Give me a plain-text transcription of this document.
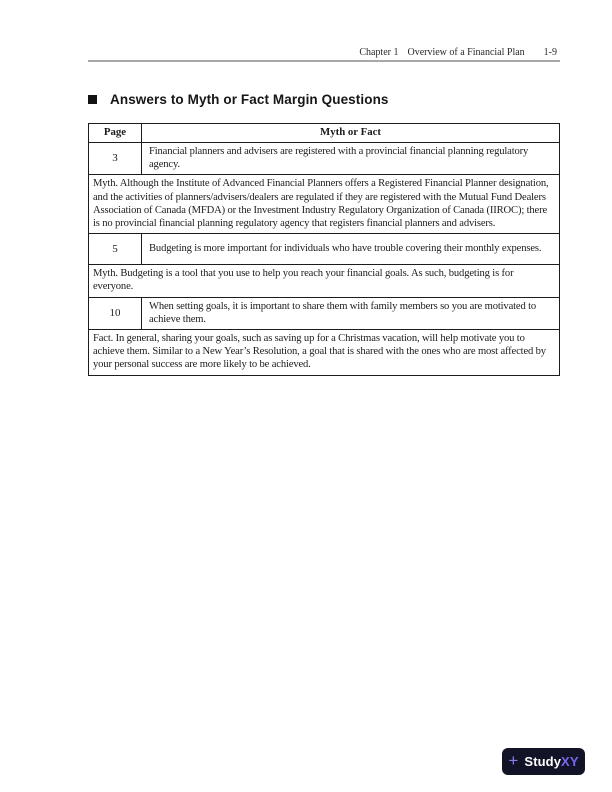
Chapter 1 Overview of a Financial Plan 1-9
Answers to Myth or Fact Margin Questions
Page	Myth or Fact
3	Financial planners and advisers are registered with a provincial financial planning regulatory agency.
Myth. Although the Institute of Advanced Financial Planners offers a Registered Financial Planner designation, and the activities of planners/advisers/dealers are regulated if they are registered with the Mutual Fund Dealers Association of Canada (MFDA) or the Investment Industry Regulatory Organization of Canada (IIROC); there is no provincial financial planning regulatory agency that registers financial planners and advisers.	
5	Budgeting is more important for individuals who have trouble covering their monthly expenses.
Myth. Budgeting is a tool that you use to help you reach your financial goals. As such, budgeting is for everyone.	
10	When setting goals, it is important to share them with family members so you are motivated to achieve them.
Fact. In general, sharing your goals, such as saving up for a Christmas vacation, will help motivate you to achieve them. Similar to a New Year’s Resolution, a goal that is shared with the ones who are most affected by your personal success are more likely to be achieved.	
+ Study XY
